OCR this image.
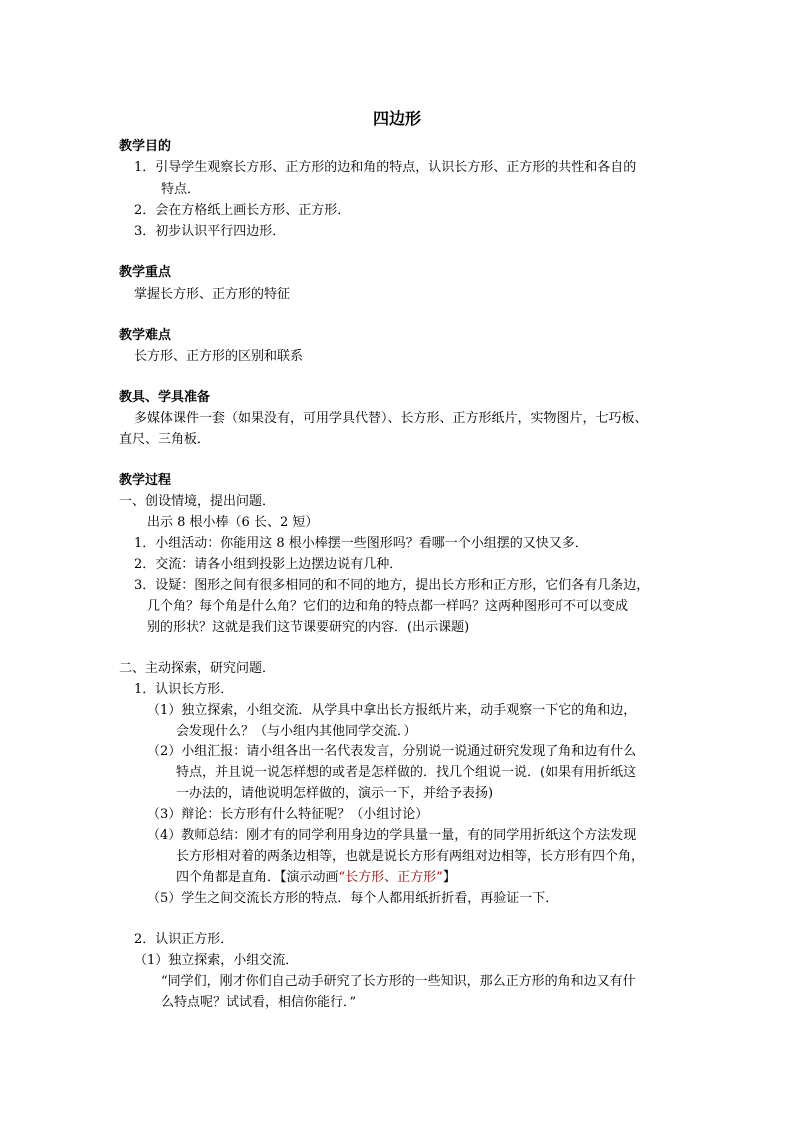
四边形
教学目的
1．引导学生观察长方形、正方形的边和角的特点，认识长方形、正方形的共性和各自的
特点．
2．会在方格纸上画长方形、正方形．
3．初步认识平行四边形．
教学重点
掌握长方形、正方形的特征
教学难点
长方形、正方形的区别和联系
教具、学具准备
多媒体课件一套（如果没有，可用学具代替）、长方形、正方形纸片，实物图片，七巧板、
直尺、三角板．
教学过程
一、创设情境，提出问题．
出示 8 根小棒（6 长、2 短）
1．小组活动：你能用这 8 根小棒摆一些图形吗？看哪一个小组摆的又快又多．
2．交流：请各小组到投影上边摆边说有几种．
3．设疑：图形之间有很多相同的和不同的地方，提出长方形和正方形，它们各有几条边，
几个角？每个角是什么角？它们的边和角的特点都一样吗？这两种图形可不可以变成
别的形状？这就是我们这节课要研究的内容．(出示课题)
二、主动探索，研究问题．
1．认识长方形．
（1）独立探索，小组交流．从学具中拿出长方报纸片来，动手观察一下它的角和边，
会发现什么？（与小组内其他同学交流．）
（2）小组汇报：请小组各出一名代表发言，分别说一说通过研究发现了角和边有什么
特点，并且说一说怎样想的或者是怎样做的．找几个组说一说．(如果有用折纸这
一办法的，请他说明怎样做的，演示一下，并给予表扬)
（3）辩论：长方形有什么特征呢？（小组讨论）
（4）教师总结：刚才有的同学利用身边的学具量一量，有的同学用折纸这个方法发现
长方形相对着的两条边相等，也就是说长方形有两组对边相等，长方形有四个角，
四个角都是直角．【演示动画“长方形、正方形”】
（5）学生之间交流长方形的特点．每个人都用纸折折看，再验证一下．
2．认识正方形．
（1）独立探索，小组交流．
“同学们，刚才你们自己动手研究了长方形的一些知识，那么正方形的角和边又有什
么特点呢？试试看，相信你能行．”
